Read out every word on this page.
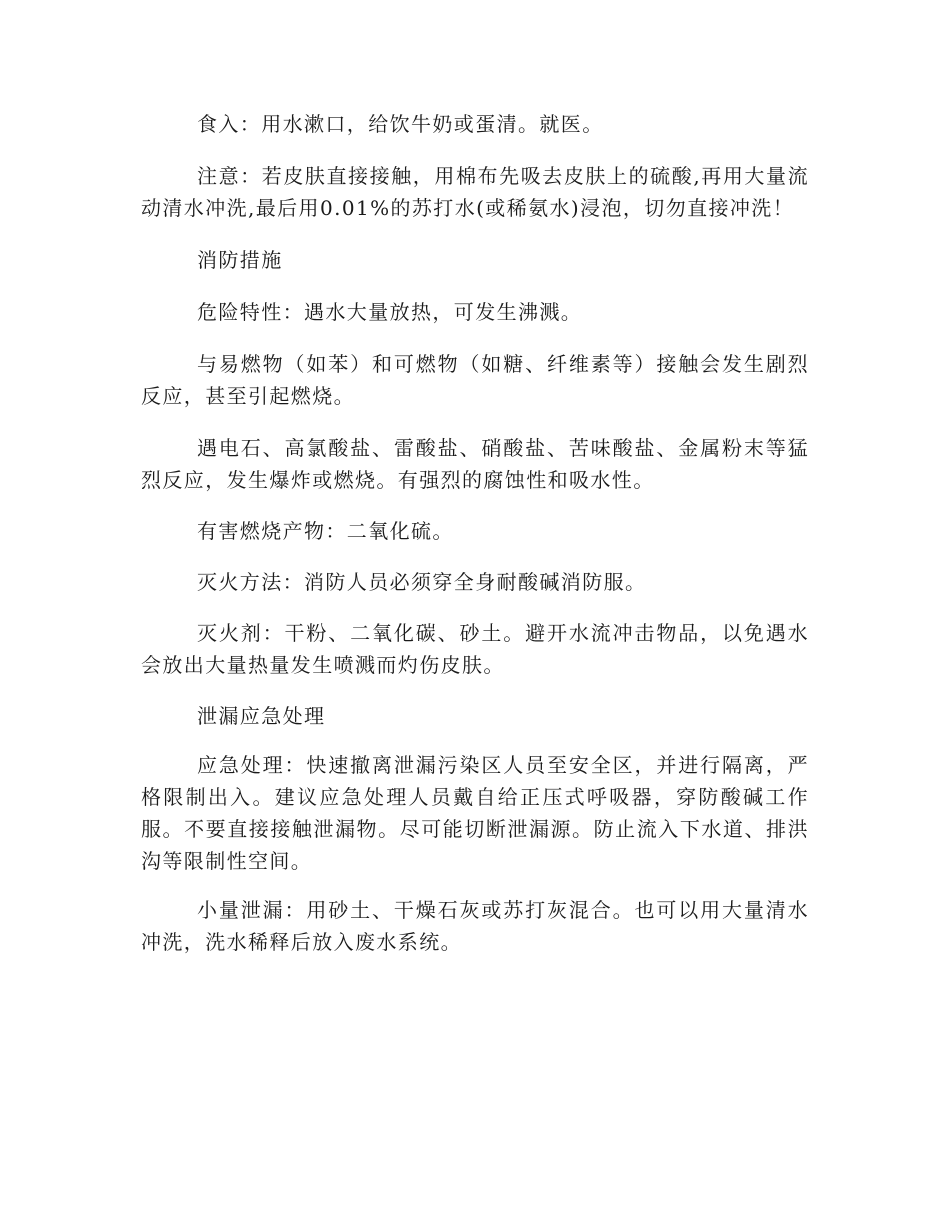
食入：用水漱口，给饮牛奶或蛋清。就医。

注意：若皮肤直接接触，用棉布先吸去皮肤上的硫酸,再用大量流动清水冲洗,最后用0.01%的苏打水(或稀氨水)浸泡，切勿直接冲洗！

消防措施

危险特性：遇水大量放热，可发生沸溅。

与易燃物（如苯）和可燃物（如糖、纤维素等）接触会发生剧烈反应，甚至引起燃烧。

遇电石、高氯酸盐、雷酸盐、硝酸盐、苦味酸盐、金属粉末等猛烈反应，发生爆炸或燃烧。有强烈的腐蚀性和吸水性。

有害燃烧产物：二氧化硫。

灭火方法：消防人员必须穿全身耐酸碱消防服。

灭火剂：干粉、二氧化碳、砂土。避开水流冲击物品，以免遇水会放出大量热量发生喷溅而灼伤皮肤。

泄漏应急处理

应急处理：快速撤离泄漏污染区人员至安全区，并进行隔离，严格限制出入。建议应急处理人员戴自给正压式呼吸器，穿防酸碱工作服。不要直接接触泄漏物。尽可能切断泄漏源。防止流入下水道、排洪沟等限制性空间。

小量泄漏：用砂土、干燥石灰或苏打灰混合。也可以用大量清水冲洗，洗水稀释后放入废水系统。
